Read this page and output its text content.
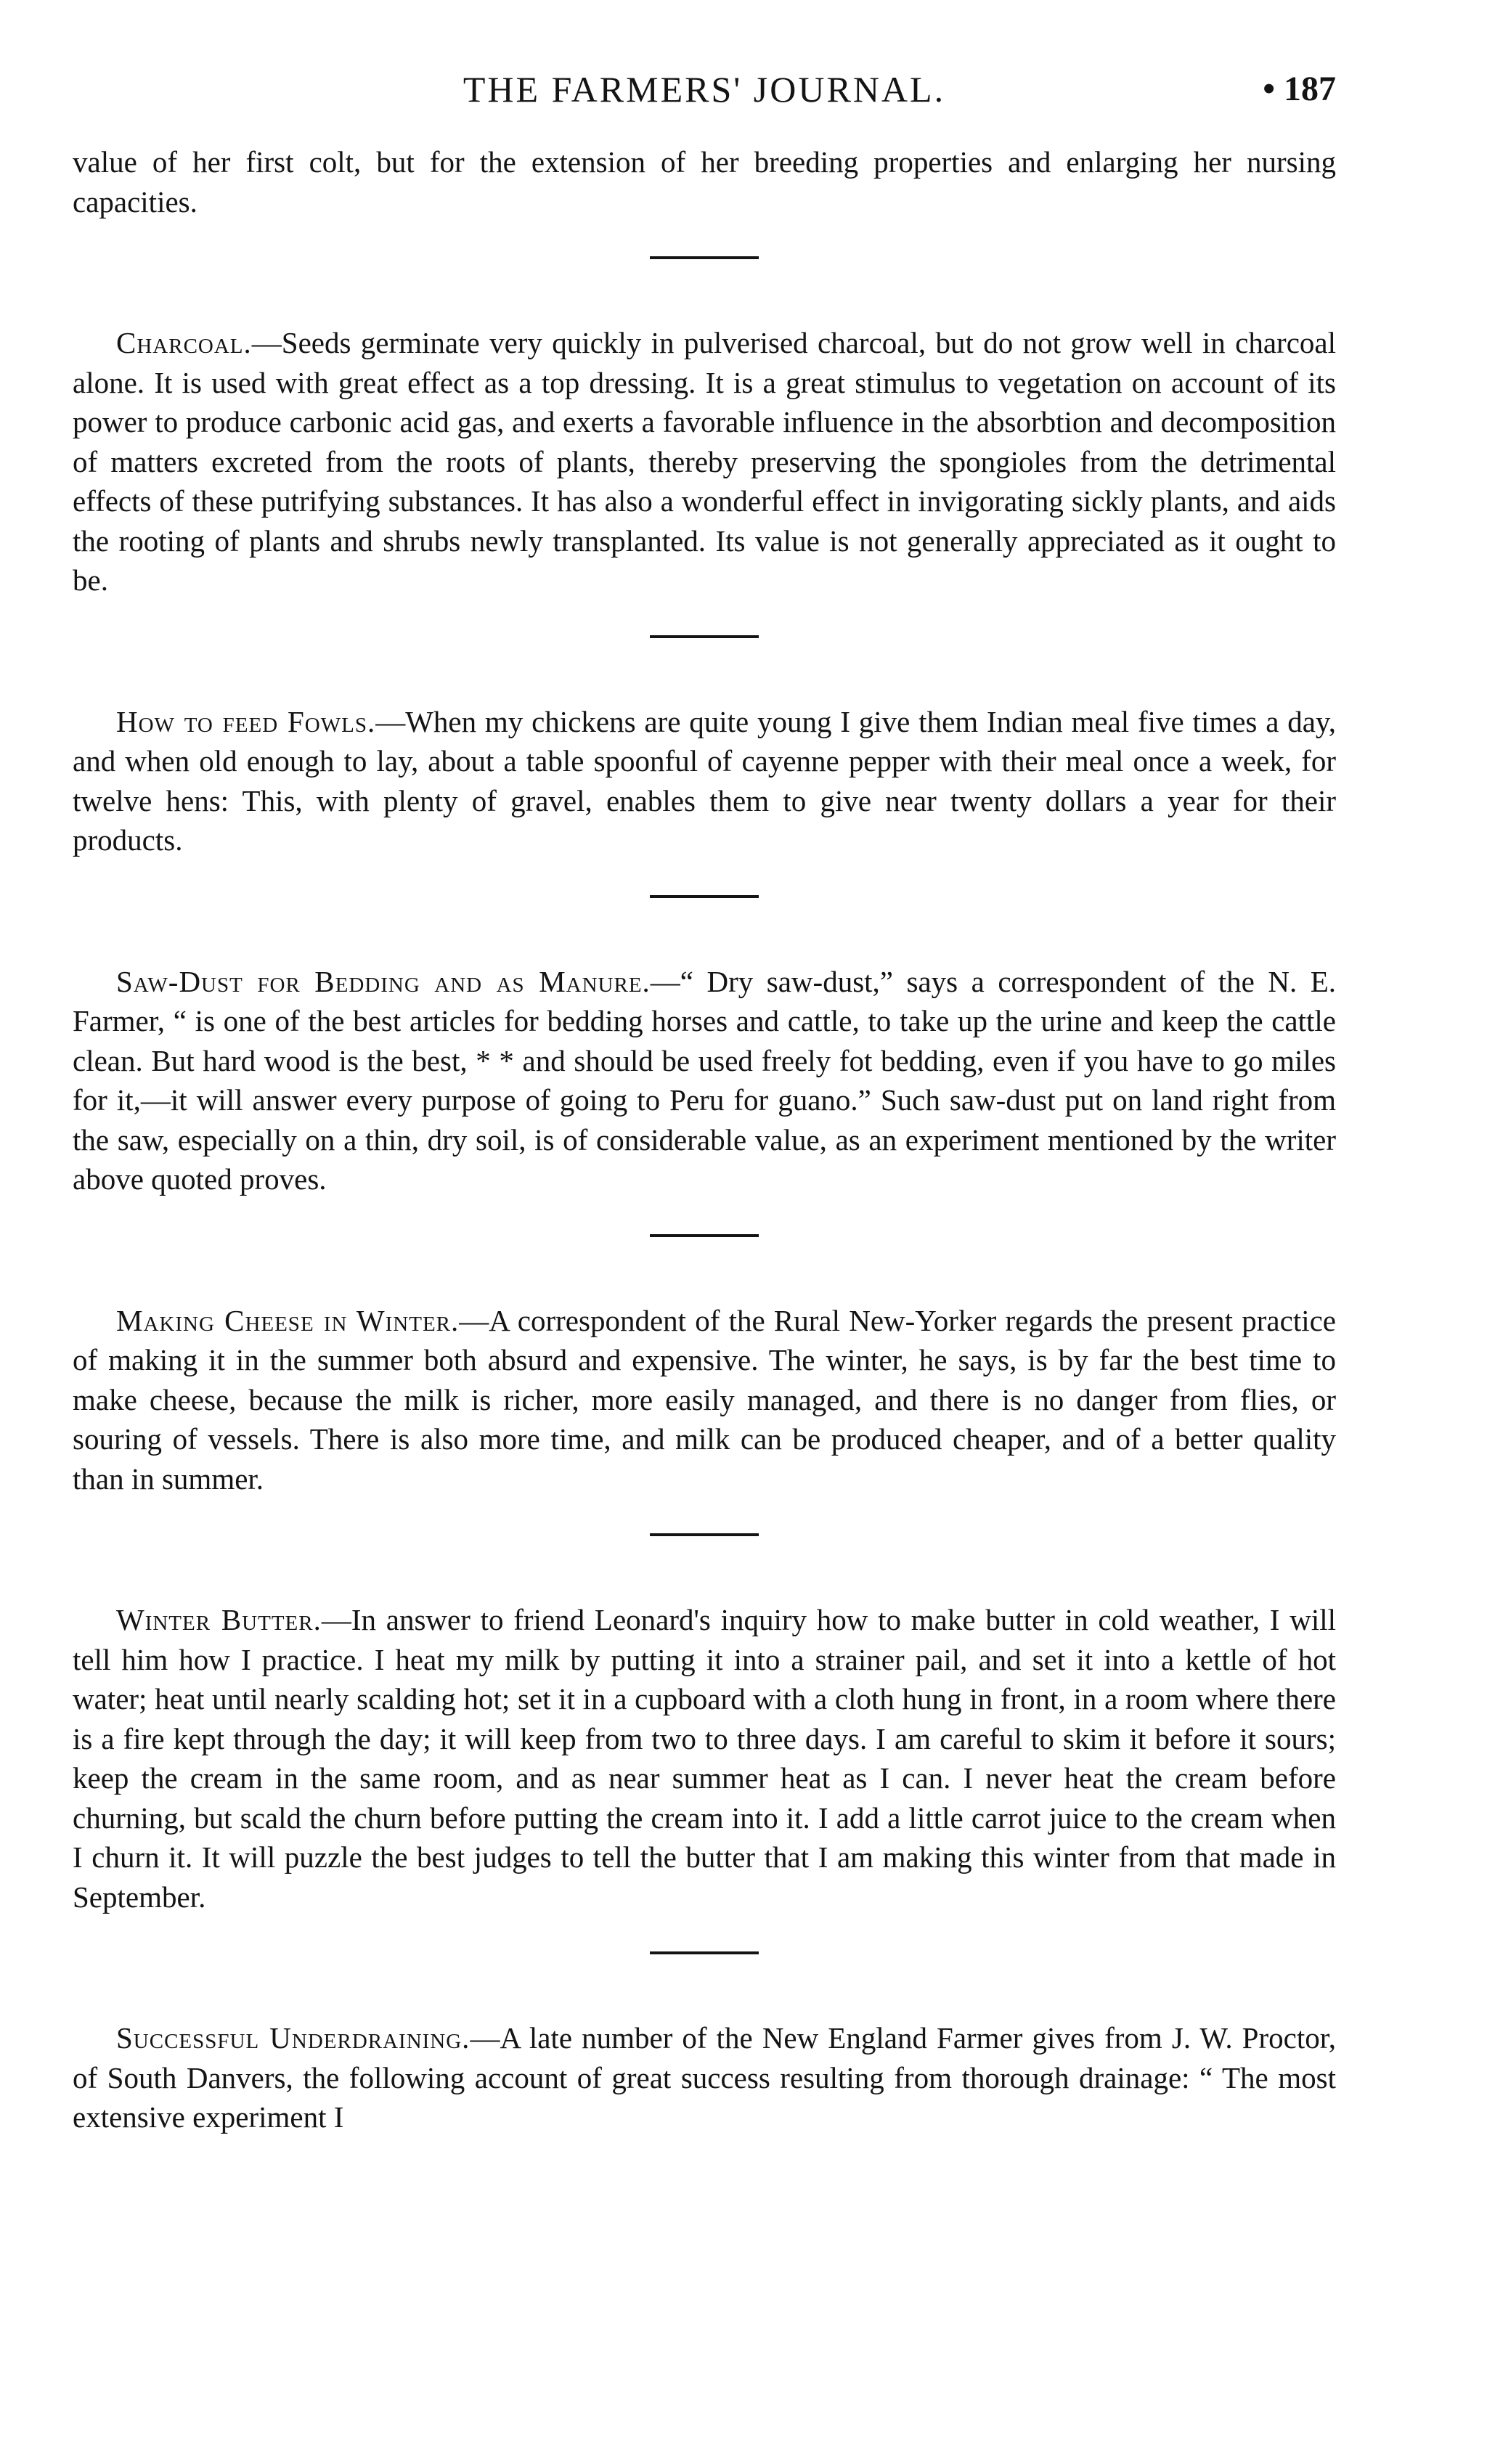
THE FARMERS' JOURNAL.	• 187

value of her first colt, but for the extension of her breeding properties and enlarging her nursing capacities.

Charcoal.—Seeds germinate very quickly in pulverised charcoal, but do not grow well in charcoal alone. It is used with great effect as a top dressing. It is a great stimulus to vegetation on account of its power to produce carbonic acid gas, and exerts a favorable influence in the absorbtion and decomposition of matters excreted from the roots of plants, thereby preserving the spongioles from the detrimental effects of these putrifying substances. It has also a wonderful effect in invigorating sickly plants, and aids the rooting of plants and shrubs newly transplanted. Its value is not generally appreciated as it ought to be.

How to feed Fowls.—When my chickens are quite young I give them Indian meal five times a day, and when old enough to lay, about a table spoonful of cayenne pepper with their meal once a week, for twelve hens: This, with plenty of gravel, enables them to give near twenty dollars a year for their products.

Saw-Dust for Bedding and as Manure.—“ Dry saw-dust,” says a correspondent of the N. E. Farmer, “ is one of the best articles for bedding horses and cattle, to take up the urine and keep the cattle clean. But hard wood is the best, * * and should be used freely fot bedding, even if you have to go miles for it,—it will answer every purpose of going to Peru for guano.” Such saw-dust put on land right from the saw, especially on a thin, dry soil, is of considerable value, as an experiment mentioned by the writer above quoted proves.

Making Cheese in Winter.—A correspondent of the Rural New-Yorker regards the present practice of making it in the summer both absurd and expensive. The winter, he says, is by far the best time to make cheese, because the milk is richer, more easily managed, and there is no danger from flies, or souring of vessels. There is also more time, and milk can be produced cheaper, and of a better quality than in summer.

Winter Butter.—In answer to friend Leonard's inquiry how to make butter in cold weather, I will tell him how I practice. I heat my milk by putting it into a strainer pail, and set it into a kettle of hot water; heat until nearly scalding hot; set it in a cupboard with a cloth hung in front, in a room where there is a fire kept through the day; it will keep from two to three days. I am careful to skim it before it sours; keep the cream in the same room, and as near summer heat as I can. I never heat the cream before churning, but scald the churn before putting the cream into it. I add a little carrot juice to the cream when I churn it. It will puzzle the best judges to tell the butter that I am making this winter from that made in September.

Successful Underdraining.—A late number of the New England Farmer gives from J. W. Proctor, of South Danvers, the following account of great success resulting from thorough drainage: “ The most extensive experiment I
